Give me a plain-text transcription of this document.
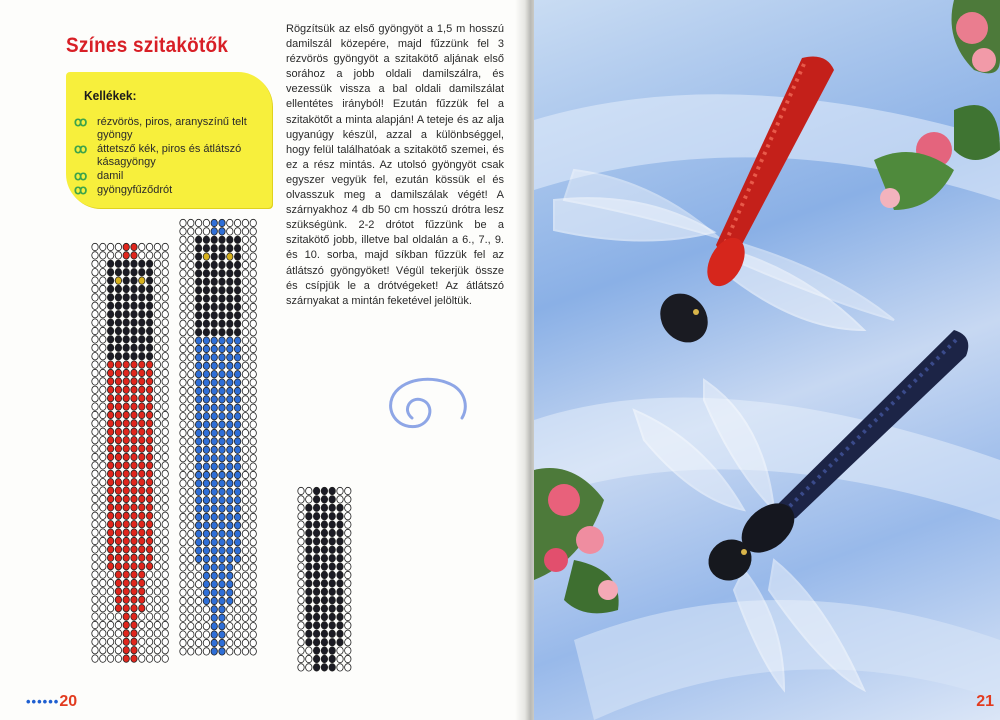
Színes szitakötők
Kellékek:
ꝏ rézvörös, piros, aranyszínű telt gyöngy
ꝏ áttetsző kék, piros és átlátszó kásagyöngy
ꝏ damil
ꝏ gyöngyfűződrót

Rögzítsük az első gyöngyöt a 1,5 m hosszú damilszál közepére, majd fűzzünk fel 3 rézvörös gyöngyöt a szitakötő aljának első sorához a jobb oldali damilszálra, és vezessük vissza a bal oldali damilszálat ellentétes irányból! Ezután fűzzük fel a szitakötőt a minta alapján! A teteje és az alja ugyanúgy készül, azzal a különbséggel, hogy felül találhatóak a szitakötő szemei, és ez a rész mintás. Az utolsó gyöngyöt csak egyszer vegyük fel, ezután kössük el és olvasszuk meg a damilszálak végét! A szárnyakhoz 4 db 50 cm hosszú drótra lesz szükségünk. 2-2 drótot fűzzünk be a szitakötő jobb, illetve bal oldalán a 6., 7., 9. és 10. sorba, majd síkban fűzzük fel az átlátszó gyöngyöket! Végül tekerjük össze és csípjük le a drótvégeket! Az átlátszó szárnyakat a mintán feketével jelöltük.

••••••20	21
